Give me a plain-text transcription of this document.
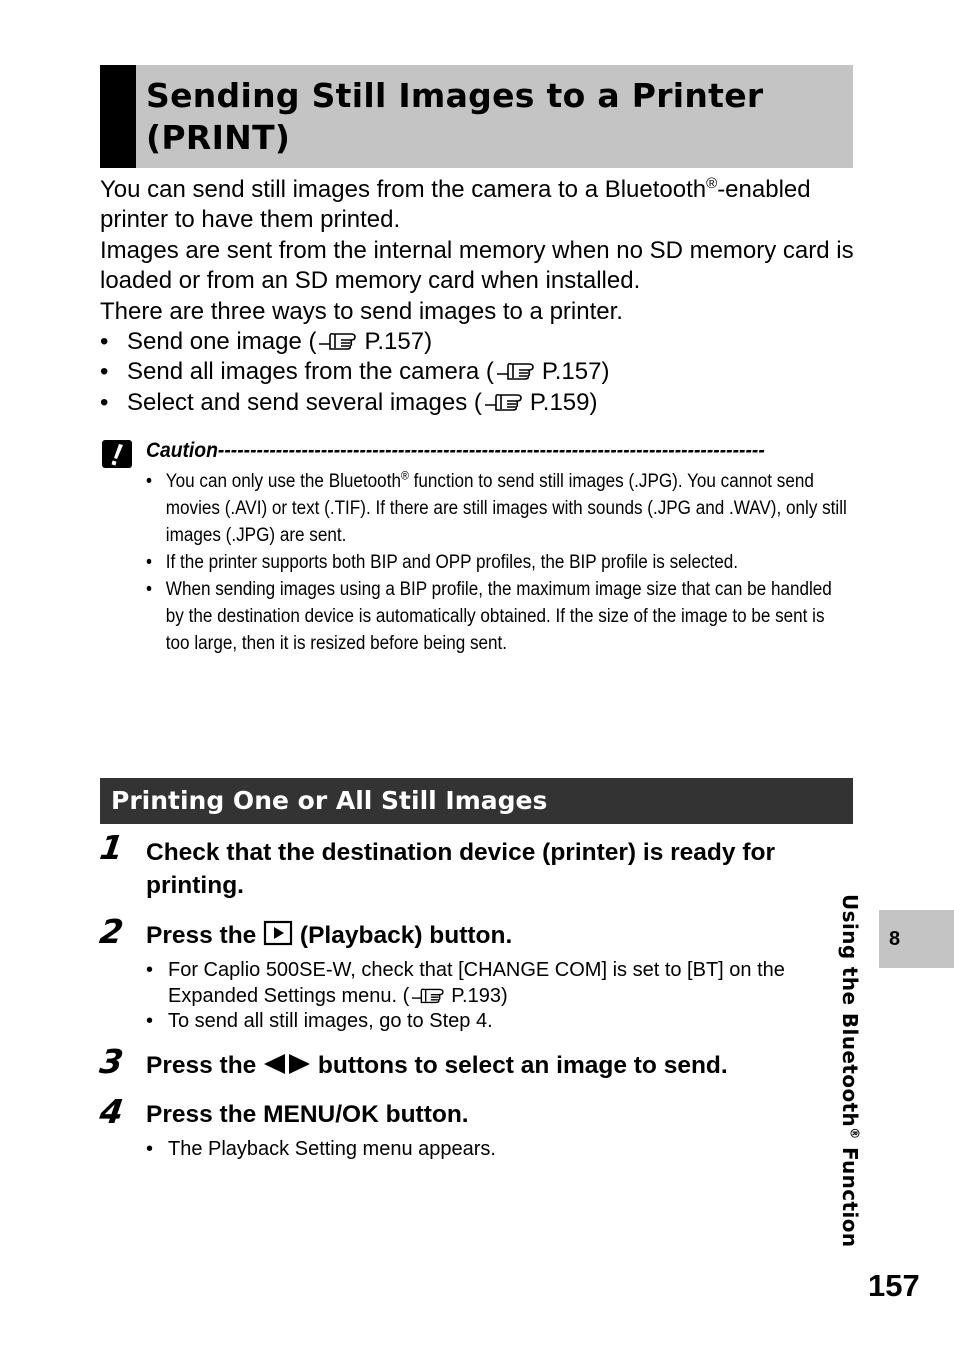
Sending Still Images to a Printer
(PRINT)

You can send still images from the camera to a Bluetooth®-enabled printer to have them printed.

Images are sent from the internal memory when no SD memory card is loaded or from an SD memory card when installed.

There are three ways to send images to a printer.

• Send one image ( P.157)
• Send all images from the camera ( P.157)
• Select and send several images ( P.159)
Caution-------------------------------------------------------------------------------------
• You can only use the Bluetooth® function to send still images (.JPG). You cannot send movies (.AVI) or text (.TIF). If there are still images with sounds (.JPG and .WAV), only still images (.JPG) are sent.
• If the printer supports both BIP and OPP profiles, the BIP profile is selected.
• When sending images using a BIP profile, the maximum image size that can be handled by the destination device is automatically obtained. If the size of the image to be sent is too large, then it is resized before being sent.
Printing One or All Still Images
1 Check that the destination device (printer) is ready for printing.
2 Press the  (Playback) button.
• For Caplio 500SE-W, check that [CHANGE COM] is set to [BT] on the Expanded Settings menu. ( P.193)
• To send all still images, go to Step 4.
3 Press the  buttons to select an image to send.
4 Press the MENU/OK button.
• The Playback Setting menu appears.
Using the Bluetooth® Function
8
157
